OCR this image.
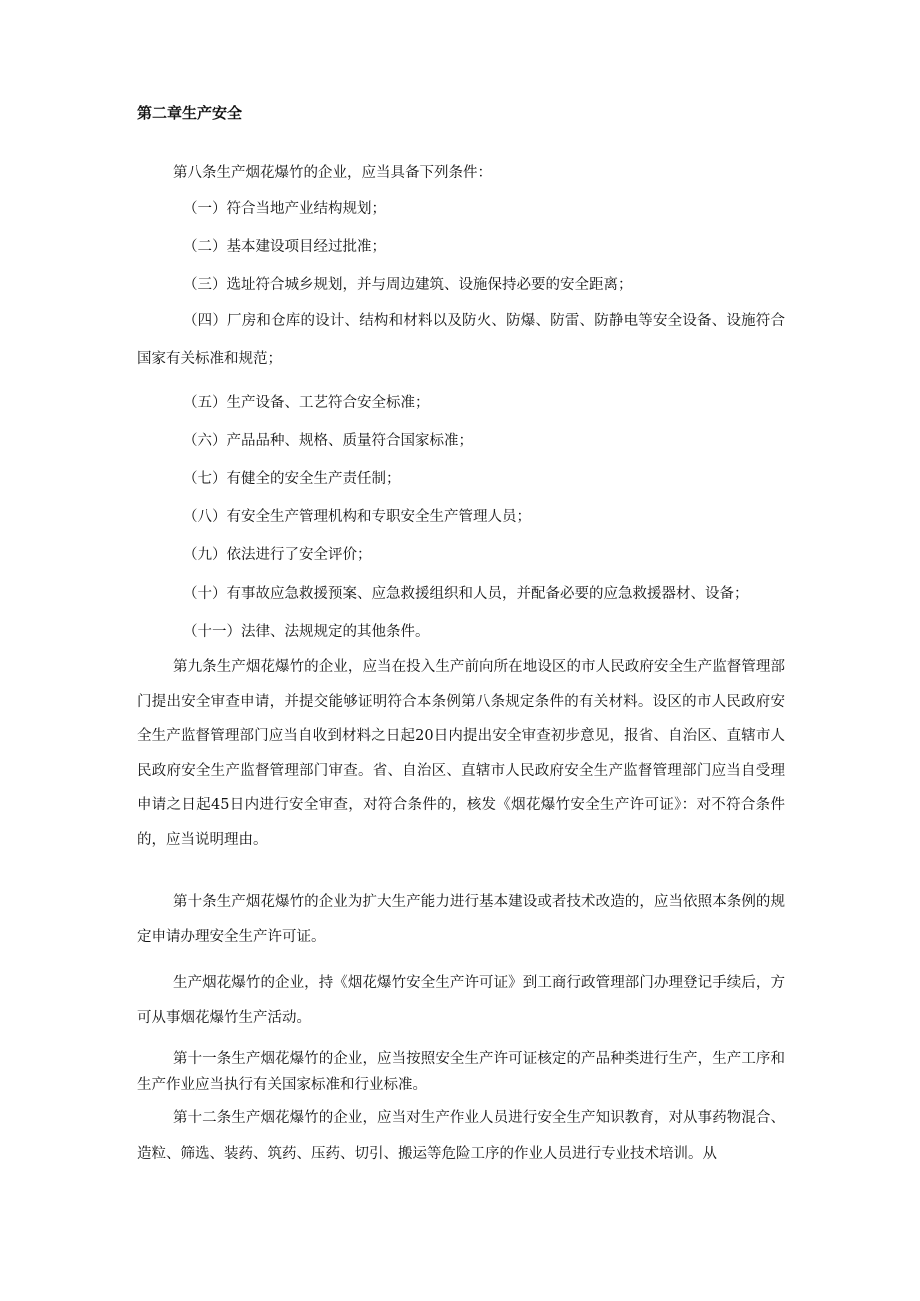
第二章生产安全
第八条生产烟花爆竹的企业，应当具备下列条件：
（一）符合当地产业结构规划；
（二）基本建设项目经过批准；
（三）选址符合城乡规划，并与周边建筑、设施保持必要的安全距离；
（四）厂房和仓库的设计、结构和材料以及防火、防爆、防雷、防静电等安全设备、设施符合国家有关标准和规范；
（五）生产设备、工艺符合安全标准；
（六）产品品种、规格、质量符合国家标准；
（七）有健全的安全生产责任制；
（八）有安全生产管理机构和专职安全生产管理人员；
（九）依法进行了安全评价；
（十）有事故应急救援预案、应急救援组织和人员，并配备必要的应急救援器材、设备；
（十一）法律、法规规定的其他条件。
第九条生产烟花爆竹的企业，应当在投入生产前向所在地设区的市人民政府安全生产监督管理部门提出安全审查申请，并提交能够证明符合本条例第八条规定条件的有关材料。设区的市人民政府安全生产监督管理部门应当自收到材料之日起20日内提出安全审查初步意见，报省、自治区、直辖市人民政府安全生产监督管理部门审查。省、自治区、直辖市人民政府安全生产监督管理部门应当自受理申请之日起45日内进行安全审查，对符合条件的，核发《烟花爆竹安全生产许可证》：对不符合条件的，应当说明理由。
第十条生产烟花爆竹的企业为扩大生产能力进行基本建设或者技术改造的，应当依照本条例的规定申请办理安全生产许可证。
生产烟花爆竹的企业，持《烟花爆竹安全生产许可证》到工商行政管理部门办理登记手续后，方可从事烟花爆竹生产活动。
第十一条生产烟花爆竹的企业，应当按照安全生产许可证核定的产品种类进行生产，生产工序和生产作业应当执行有关国家标准和行业标准。
第十二条生产烟花爆竹的企业，应当对生产作业人员进行安全生产知识教育，对从事药物混合、造粒、筛选、装药、筑药、压药、切引、搬运等危险工序的作业人员进行专业技术培训。从
